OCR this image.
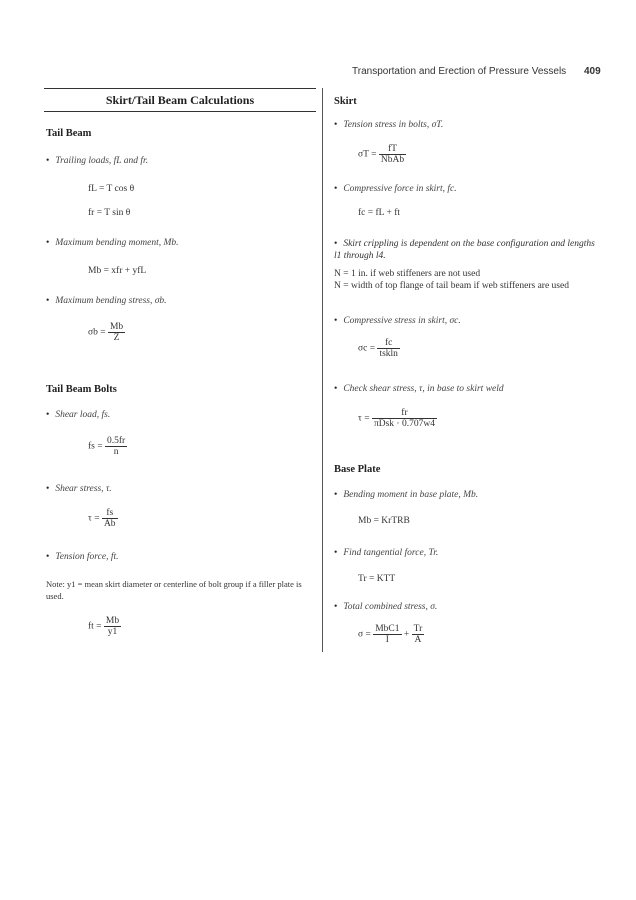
Transportation and Erection of Pressure Vessels 409
Skirt/Tail Beam Calculations
Tail Beam
• Trailing loads, fL and fr.
fL = T cos θ
fr = T sin θ
• Maximum bending moment, Mb.
Mb = xfr + yfL
• Maximum bending stress, σb.
$\sigma b = \frac{Mb}{Z}$
Tail Beam Bolts
• Shear load, fs.
fs = $\frac{0.5fr}{n}$
• Shear stress, τ.
$\tau = \frac{fs}{Ab}$
• Tension force, ft.
Note: y1 = mean skirt diameter or centerline of bolt group if a filler plate is used.
ft = $\frac{Mb}{y1}$
Skirt
• Tension stress in bolts, σT.
$\sigma T = \frac{fT}{\text{NbAb}}$
• Compressive force in skirt, fc.
fc = fL + ft
• Skirt crippling is dependent on the base configuration and lengths l1 through l4.
N = 1 in. if web stiffeners are not used
N = width of top flange of tail beam if web stiffeners are used
• Compressive stress in skirt, σc.
$\sigma c = \frac{fc}{\text{tskln}}$
• Check shear stress, τ, in base to skirt weld
$\tau = \frac{fr}{\text{πDsk · 0.707w4}}$
Base Plate
• Bending moment in base plate, Mb.
Mb = KrTRB
• Find tangential force, Tr.
Tr = KTT
• Total combined stress, σ.
$\sigma = \frac{\text{MbC1}}{I} + \frac{Tr}{A}$
